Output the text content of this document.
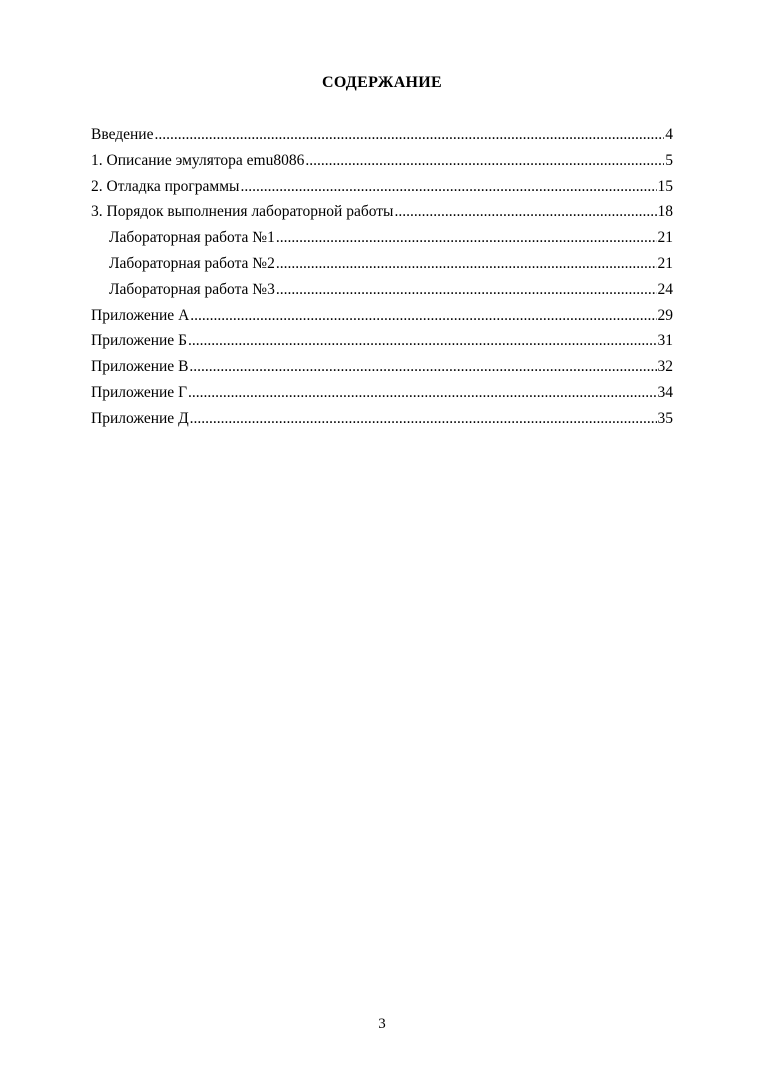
СОДЕРЖАНИЕ
Введение .....	4
1. Описание эмулятора emu8086 .....	5
2. Отладка программы .....	15
3. Порядок выполнения лабораторной работы .....	18
Лабораторная работа №1 .....	21
Лабораторная работа №2 .....	21
Лабораторная работа №3 .....	24
Приложение А .....	29
Приложение Б .....	31
Приложение В .....	32
Приложение Г .....	34
Приложение Д .....	35
3
